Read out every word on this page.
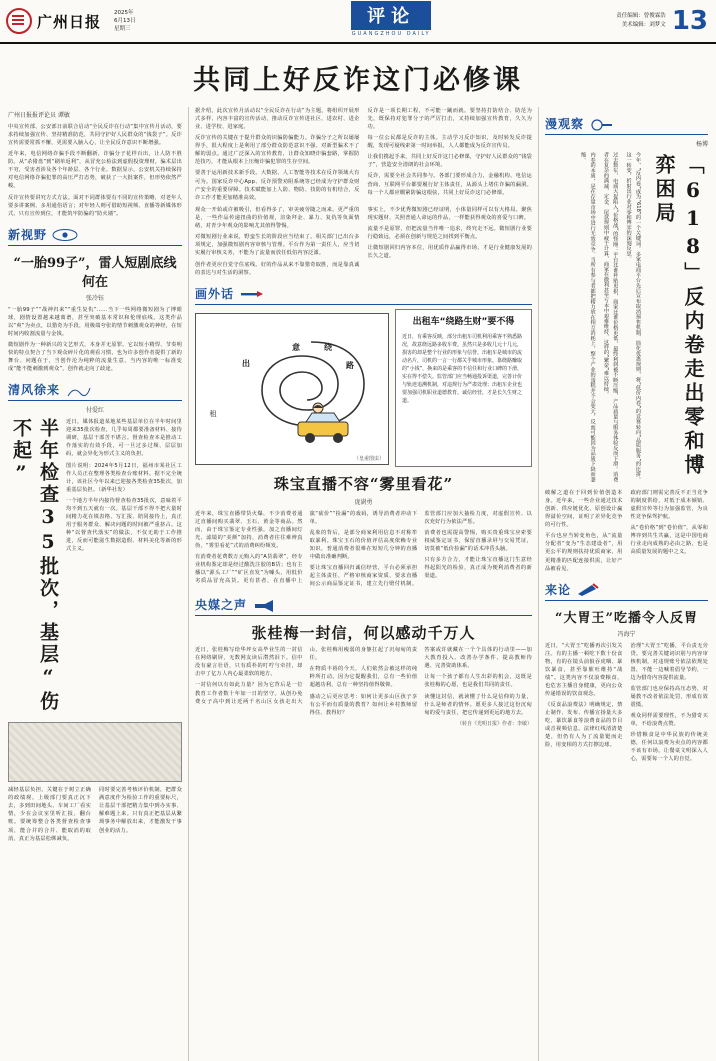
广州日报 2025年
6月13日
星期三
评论
GUANGZHOU DAILY
责任编辑：曾俊霖浩
美术编辑：刘梦文 13
共同上好反诈这门必修课
广州日报报评论员 谭敏

中央宣传部、公安部日前联合启动“全民反诈在行动”集中宣传月活动，要求持续加强宣传、坚持精准防范，共同守护好人民群众的“钱袋子”。反诈宣传需要常抓不懈，更需要入脑入心，让全民反诈意识不断增强。

近年来，电信网络诈骗手段不断翻新，诈骗分子花样百出，让人防不胜防。从“杀猪盘”到“刷单返利”，从冒充公检法到虚假投资理财，骗术层出不穷，受害者涉及各个年龄层、各个行业。数据显示，公安机关持续保持对电信网络诈骗犯罪的高压严打态势，破获了一大批案件，但形势依然严峻。

反诈宣传要讲究方式方法。面对不同群体要有不同的宣传策略，对老年人要多讲案例、多用通俗语言；对年轻人则可借助短视频、直播等新媒体形式。只有宣传到位，才能筑牢防骗的“防火墙”。

新视野
“一胎99子”，雷人短剧底线何在
张冷钰

“一胎99子”“战神归来”“重生复仇”……当下一些网络微短剧为了博眼球，剧情设置越来越离谱，甚至突破基本常识和伦理底线。这类作品以“爽”为卖点，以猎奇为手段，用极端夸张的情节刺激观众的神经，在短时间内收割流量与金钱。

微短剧作为一种新兴的文艺形式，本身并无原罪。它以短小精悍、节奏明快的特点契合了当下观众碎片化的观看习惯，也为许多创作者提供了新的舞台。问题在于，当创作沦为纯粹的流量生意，当内容的唯一标准变成“能不能刺激到观众”，创作就走向了歧途。

清风徐来
付爱红
半年检查35批次，基层“伤不起”	近日，媒体报道某地某些基层单位在半年时间里迎来35批次检查，几乎每周都要准备材料、接待调研，基层干部苦不堪言。督查检查本是推动工作落实的有效手段，可一旦过多过频、层层加码，就会异化为形式主义的负担。

图片说明：2024年5月12日，福州市某社区工作人员正在整理各类检查台账材料。据不完全统计，该社区今年以来已迎接各类检查35批次，加重基层负担。（新华社发）

一个地方半年内接待督查检查35批次，意味着平均不到五天就有一次。基层干部不得不把大量时间精力花在填表格、写汇报、陪同接待上，真正用于服务群众、解决问题的时间被严重挤占。这种“以督查代落实”的做法，不仅无助于工作推进，反而可能滋生数据造假、材料美化等新的形式主义。

减轻基层负担，关键在于树立正确的政绩观。上级部门要真正沉下去，多到田间地头、车间工厂看实情，少在会议室里听汇报、翻台账。要统筹整合各类督查检查事项，能合并的合并、能取消的取消，真正为基层松绑减负。

同时要完善考核评价机制，把群众满意度作为检验工作的重要标尺，让基层干部把精力集中到办实事、解难题上来。只有真正把基层从繁琐事务中解放出来，才能激发干事创业的活力。

据介绍，此次宣传月活动以“全民反诈在行动”为主题，将组织开展形式多样、内容丰富的宣传活动，推动反诈宣传进社区、进农村、进企业、进学校、进家庭。

反诈宣传的关键在于提升群众的识骗防骗能力。诈骗分子之所以屡屡得手，很大程度上是利用了部分群众防范意识不强、对新型骗术不了解的弱点。通过广泛深入的宣传教育，让群众知晓诈骗套路，掌握防范技巧，才能从根本上压缩诈骗犯罪的生存空间。

要善于运用新技术新手段。大数据、人工智能等技术在反诈领域大有可为。国家反诈中心App、反诈预警劝阻系统等已经成为守护群众财产安全的重要屏障。技术赋能加上人防、物防、技防的有机结合，反诈工作才能更加精准高效。

反诈是一项长期工程，不可能一蹴而就。要坚持打防结合、防范为先，既保持对犯罪分子的严厉打击，又持续加强宣传教育，久久为功。

每一位公民都是反诈的主体。主动学习反诈知识，及时转发反诈提醒，发现可疑线索第一时间举报，人人都能成为反诈宣传员。

让我们携起手来，共同上好反诈这门必修课，守护好人民群众的“钱袋子”，营造安全清朗的社会环境。

反诈，需要全社会共同参与。各部门要形成合力，金融机构、电信运营商、互联网平台都要履行好主体责任，从源头上堵住诈骗的漏洞。每一个人都应绷紧防骗这根弦，共同上好反诈这门必修课。

观众一开始或许被吸引，但看得多了，审美疲劳随之而来。更严重的是，一些作品传递扭曲的价值观，渲染拜金、暴力、复仇等负面情绪，对青少年观众的影响尤其值得警惕。

对微短剧行业来说，野蛮生长的阶段应当结束了。相关部门已出台多项规定，加强微短剧内容审核与管理。平台作为第一责任人，应当切实履行审核义务，不能为了流量而放任低俗内容泛滥。

创作者更应自觉守住底线。好的作品从来不靠猎奇取胜，而是靠真诚的表达与对生活的洞察。

事实上，不少优秀微短剧已经证明，小体量同样可以有大格局。聚焦现实题材、关照普通人命运的作品，一样能获得观众的喜爱与口碑。

流量不是原罪，但把流量当作唯一追求，终究走不远。微短剧行业要行稳致远，必须在创新与规范之间找到平衡点。

让微短剧回归内容本位，用优质作品赢得市场，才是行业健康发展的长久之道。

画外话
意	绕
路
出
租
（皇甫图虫）
出租车“绕路生财”要不得
近日，有乘客反映，部分出租车司机利用乘客不熟悉路况，故意绕远路多收车费。虽然只是多收几元十几元，损害的却是整个行业的形象与信誉。出租车是城市的流动名片，司机的一言一行都关乎城市形象。靠绕路赚取的“小钱”，换来的是乘客的不信任和行业口碑的下滑，实在得不偿失。监管部门应当畅通投诉渠道，完善计价与轨迹追溯机制，对违规行为严肃处理；出租车企业也要加强司机职业道德教育。诚信经营，才是长久生财之道。
珠宝直播不容“雾里看花”
庞澍勇

近年来，珠宝直播带货火爆，不少消费者通过直播间购买翡翠、玉石、黄金等商品。然而，由于珠宝鉴定专业性强，加之直播间灯光、滤镜的“美颜”加持，消费者往往难辨真伪，“雾里看花”式的消费纠纷频发。

有消费者花费数万元购入的“A货翡翠”，经专业机构鉴定却是经过酸洗注胶的B货；也有主播以“源头工厂”“矿区直发”为噱头，用低价劣质品冒充高货。更有甚者，在直播中上演“砍价”“捡漏”的戏码，诱导消费者冲动下单。

乱象的背后，是部分商家利用信息不对称牟取暴利。珠宝玉石的价值评估高度依赖专业知识，普通消费者很难在短短几分钟的直播中做出准确判断。

要让珠宝直播回归诚信经营，平台必须承担起主体责任，严格审核商家资质，要求直播间公示商品鉴定证书，建立先行赔付机制。监管部门应加大抽检力度，对虚假宣传、以次充好行为依法严惩。

消费者也需提高警惕，购买贵重珠宝应索要权威鉴定证书，保留直播录屏与交易凭证，切莫被“低价捡漏”的话术冲昏头脑。

只有多方合力，才能让珠宝直播这门生意经得起阳光的检验，真正成为便利消费者的新渠道。

央媒之声
张桂梅一封信，何以感动千万人

近日，张桂梅写给华坪女高毕业生的一封信在网络刷屏，无数网友读后潸然泪下。信中没有豪言壮语，只有质朴的叮咛与牵挂，却击中了亿万人内心最柔软的地方。

一封信何以有如此力量？因为它背后是一位教育工作者数十年如一日的坚守。从创办免费女子高中到让近两千名山区女孩走出大山，张桂梅用瘦弱的身躯扛起了沉甸甸的责任。

在物质丰裕的今天，人们依然会被这样的纯粹所打动。因为它提醒我们，总有一些价值超越功利，总有一种坚持值得敬仰。

感动之后更应思考：如何让更多山区孩子享有公平而有质量的教育？如何让乡村教师留得住、教得好？

答案或许就藏在一个个具体的行动里——加大教育投入、改善办学条件、提高教师待遇、完善资助体系。

让每一个孩子都有人生出彩的机会，这既是张桂梅的心愿，也是我们共同的责任。

读懂这封信，就读懂了什么是信仰的力量，什么是师者的情怀。愿更多人接过这份沉甸甸的爱与责任，把它传递到更远的地方去。

（转自《光明日报》作者：李敏）
漫观察
杨博
「618」反内卷走出零和博弈困局
今年，“反内卷”成为“618”的一个关键词。多家电商平台先后宣布取消预售机制、简化优惠规则，将“低价内卷”的竞赛转向“品质服务”的比拼。这一转变，折射出行业对零和博弈的深刻反思。
过去数年，电商大促陷入“价格战”的怪圈：平台比谁补贴更狠，商家比谁价格更低，最终利润被不断压缩，产品质量与服务体验反而下滑。消费者在复杂的满减、定金、尾款规则中疲于计算，商家在微利甚至亏本中艰难维持，这样的“繁荣”难以持续。
内卷的本质，是在存量市场中进行无效竞争。当所有参与者都把精力放在相互消耗上，整个产业的蛋糕并不会变大，反而可能因为品质下降而萎缩。

破解之道在于回到价值创造本身。近年来，一些企业通过技术创新、供应链优化、原创设计赢得溢价空间，证明了差异化竞争的可行性。

平台也应当转变角色，从“流量分配者”变为“生态建设者”，用更公平的规则扶持优质商家，用更精准的匹配连接供需，让好产品被看见。

政府部门则需完善反不正当竞争的制度供给，对低于成本倾销、虚假宣传等行为加强监管，为良性竞争保驾护航。

从“卷价格”到“卷价值”，从零和博弈到共生共赢，这是中国电商行业走向成熟的必由之路，也是高质量发展的题中之义。

来论
“大胃王”吃播令人反胃
冯海宁

近日，“大胃王”吃播再次引发关注。有的主播一顿吃下数十份食物，有的在镜头前狼吞虎咽、暴饮暴食，甚至靠催吐维持“战绩”。这类内容不仅浪费粮食，也危害主播自身健康，更向公众传递错误的饮食观念。

《反食品浪费法》明确规定，禁止制作、发布、传播宣扬量大多吃、暴饮暴食等浪费食品的节目或音视频信息。法律红线清清楚楚，但仍有人为了流量铤而走险，用变相的方式打擦边球。

治理“大胃王”吃播，平台责无旁贷。要完善关键词识别与内容审核机制，对违规账号依法依规处置，不能一边喊着倡导节约，一边为猎奇内容提供流量。

监管部门也应保持高压态势，对屡教不改者依法处罚，形成有效震慑。

观众同样需要理性，不为猎奇买单，不给浪费点赞。

珍惜粮食是中华民族的传统美德，任何以浪费为卖点的内容都不该有市场。让餐桌文明深入人心，需要每一个人的自觉。
